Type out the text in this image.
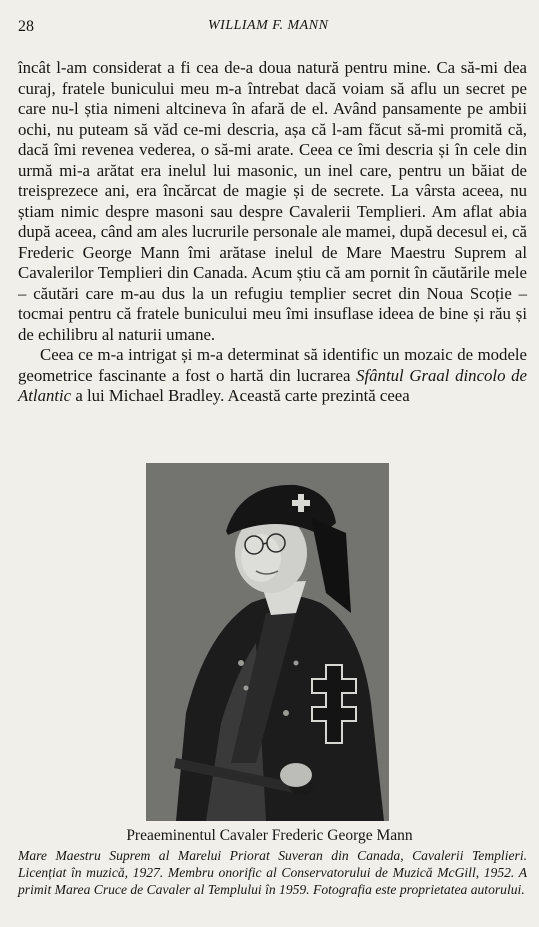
28	WILLIAM F. MANN

încât l-am considerat a fi cea de-a doua natură pentru mine. Ca să-mi dea curaj, fratele bunicului meu m-a întrebat dacă voiam să aflu un secret pe care nu-l știa nimeni altcineva în afară de el. Având pansamente pe ambii ochi, nu puteam să văd ce-mi descria, așa că l-am făcut să-mi promită că, dacă îmi revenea vederea, o să-mi arate. Ceea ce îmi descria și în cele din urmă mi-a arătat era inelul lui masonic, un inel care, pentru un băiat de treisprezece ani, era încărcat de magie și de secrete. La vârsta aceea, nu știam nimic despre masoni sau despre Cavalerii Templieri. Am aflat abia după aceea, când am ales lucrurile personale ale mamei, după decesul ei, că Frederic George Mann îmi arătase inelul de Mare Maestru Suprem al Cavalerilor Templieri din Canada. Acum știu că am pornit în căutările mele – căutări care m-au dus la un refugiu templier secret din Noua Scoție – tocmai pentru că fratele bunicului meu îmi insuflase ideea de bine și rău și de echilibru al naturii umane.

Ceea ce m-a intrigat și m-a determinat să identific un mozaic de modele geometrice fascinante a fost o hartă din lucrarea Sfântul Graal dincolo de Atlantic a lui Michael Bradley. Această carte prezintă ceea

Preaeminentul Cavaler Frederic George Mann
Mare Maestru Suprem al Marelui Priorat Suveran din Canada, Cavalerii Templieri. Licențiat în muzică, 1927. Membru onorific al Conservatorului de Muzică McGill, 1952. A primit Marea Cruce de Cavaler al Templului în 1959. Fotografia este proprietatea autorului.
